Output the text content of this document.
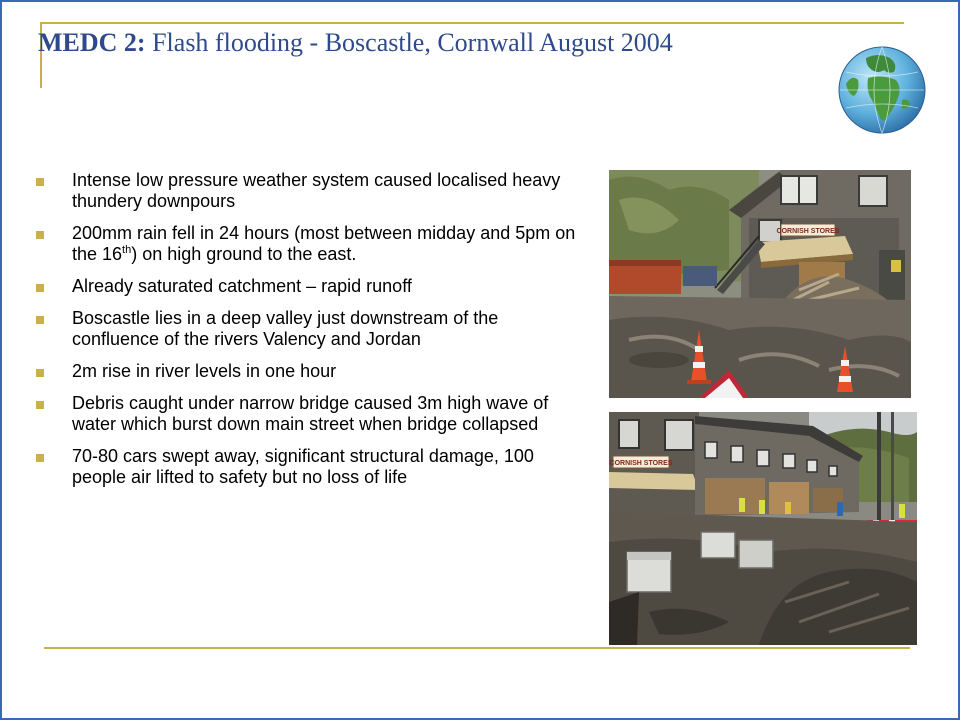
MEDC 2: Flash flooding - Boscastle, Cornwall August 2004
Intense low pressure weather system caused localised heavy thundery downpours
200mm rain fell in 24 hours (most between midday and 5pm on the 16th) on high ground to the east.
Already saturated catchment – rapid runoff
Boscastle lies in a deep valley just downstream of the confluence of the rivers Valency and Jordan
2m rise in river levels in one hour
Debris caught under narrow bridge caused 3m high wave of water which burst down main street when bridge collapsed
70-80 cars swept away, significant structural damage, 100 people air lifted to safety but no loss of life
CORNISH STORES
CORNISH STORES
